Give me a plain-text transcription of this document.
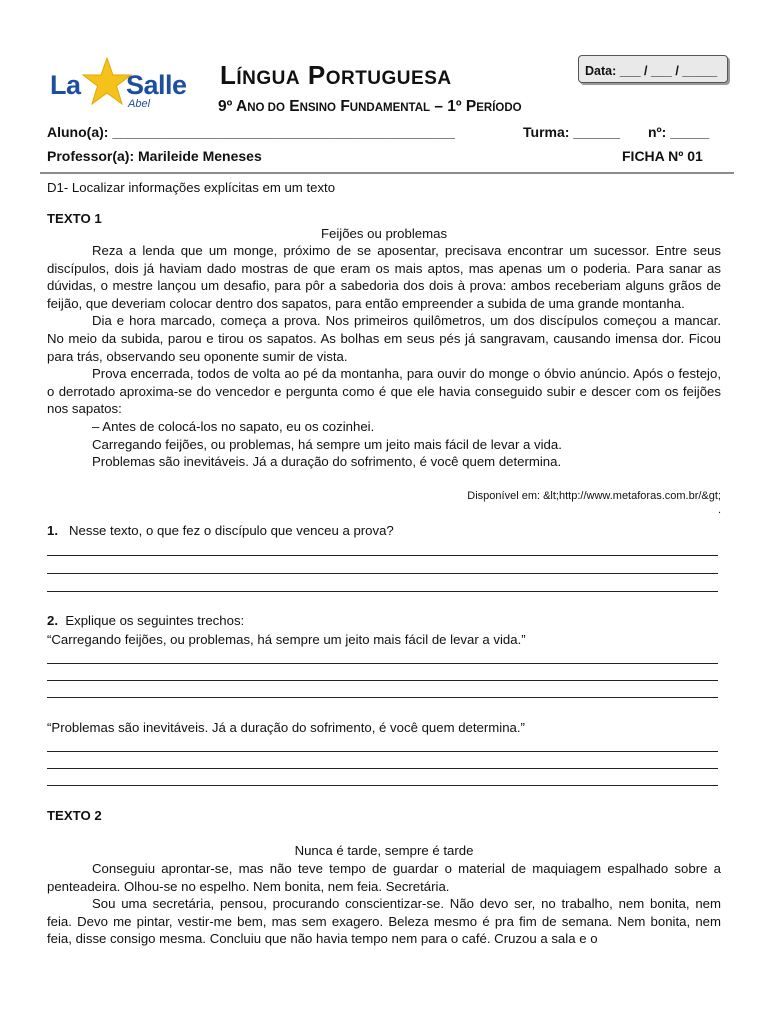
La Salle
Abel
LÍNGUA PORTUGUESA
9º ANO DO ENSINO FUNDAMENTAL – 1º PERÍODO
Data: ___ / ___ / _____
Aluno(a): ____________________________________________	Turma: ______ nº: _____
Professor(a): Marileide Meneses	FICHA Nº 01
D1- Localizar informações explícitas em um texto
TEXTO 1
Feijões ou problemas

Reza a lenda que um monge, próximo de se aposentar, precisava encontrar um sucessor. Entre seus discípulos, dois já haviam dado mostras de que eram os mais aptos, mas apenas um o poderia. Para sanar as dúvidas, o mestre lançou um desafio, para pôr a sabedoria dos dois à prova: ambos receberiam alguns grãos de feijão, que deveriam colocar dentro dos sapatos, para então empreender a subida de uma grande montanha.

Dia e hora marcado, começa a prova. Nos primeiros quilômetros, um dos discípulos começou a mancar. No meio da subida, parou e tirou os sapatos. As bolhas em seus pés já sangravam, causando imensa dor. Ficou para trás, observando seu oponente sumir de vista.

Prova encerrada, todos de volta ao pé da montanha, para ouvir do monge o óbvio anúncio. Após o festejo, o derrotado aproxima-se do vencedor e pergunta como é que ele havia conseguido subir e descer com os feijões nos sapatos:

– Antes de colocá-los no sapato, eu os cozinhei.

Carregando feijões, ou problemas, há sempre um jeito mais fácil de levar a vida.

Problemas são inevitáveis. Já a duração do sofrimento, é você quem determina.

Disponível em: &lt;http://www.metaforas.com.br/&gt;
.
1. Nesse texto, o que fez o discípulo que venceu a prova?
2. Explique os seguintes trechos:
“Carregando feijões, ou problemas, há sempre um jeito mais fácil de levar a vida.”
“Problemas são inevitáveis. Já a duração do sofrimento, é você quem determina.”
TEXTO 2
Nunca é tarde, sempre é tarde

Conseguiu aprontar-se, mas não teve tempo de guardar o material de maquiagem espalhado sobre a penteadeira. Olhou-se no espelho. Nem bonita, nem feia. Secretária.

Sou uma secretária, pensou, procurando conscientizar-se. Não devo ser, no trabalho, nem bonita, nem feia. Devo me pintar, vestir-me bem, mas sem exagero. Beleza mesmo é pra fim de semana. Nem bonita, nem feia, disse consigo mesma. Concluiu que não havia tempo nem para o café. Cruzou a sala e o
